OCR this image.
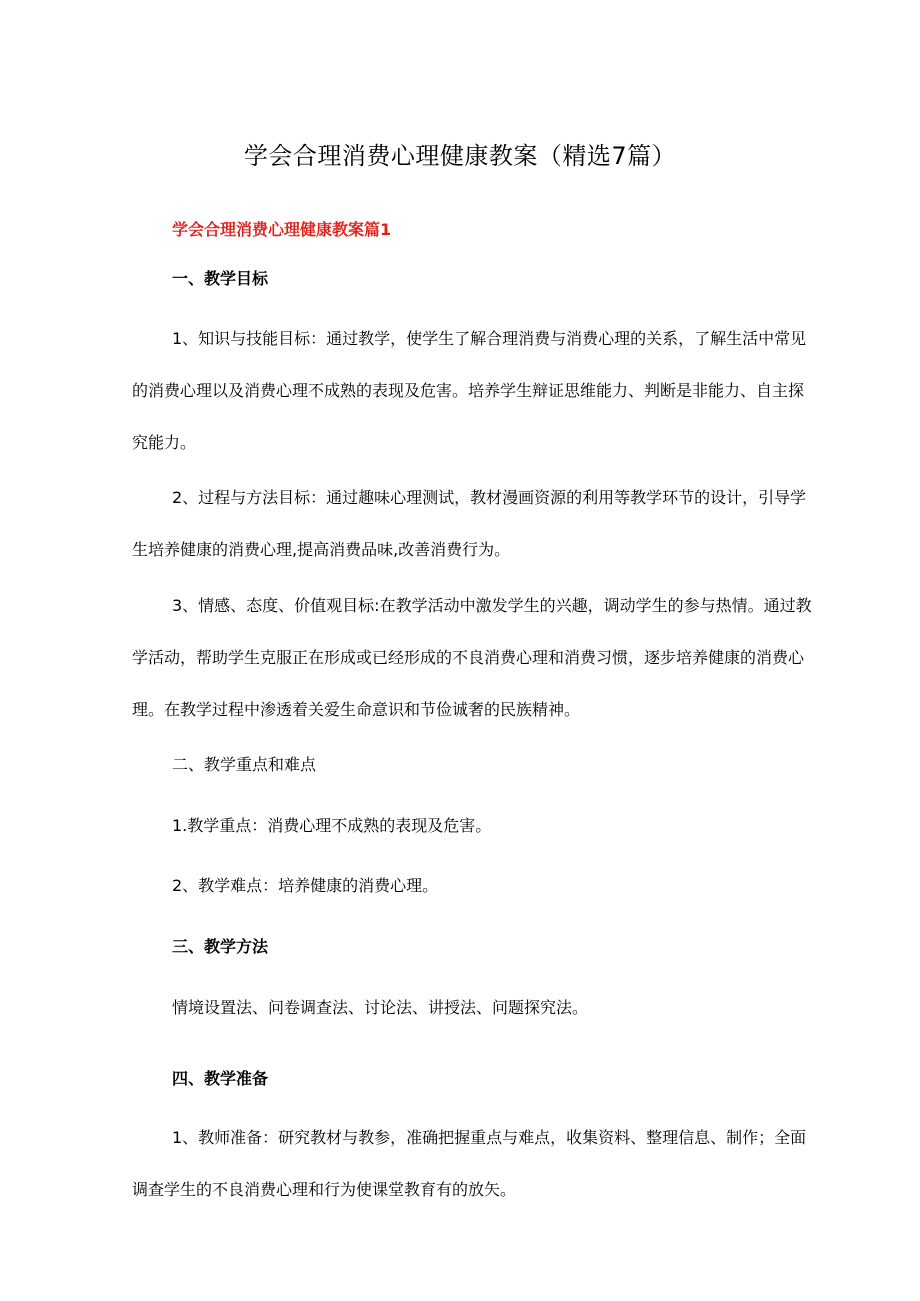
学会合理消费心理健康教案（精选7篇）
学会合理消费心理健康教案篇1
一、教学目标

1、知识与技能目标：通过教学，使学生了解合理消费与消费心理的关系，了解生活中常见的消费心理以及消费心理不成熟的表现及危害。培养学生辩证思维能力、判断是非能力、自主探究能力。

2、过程与方法目标：通过趣味心理测试，教材漫画资源的利用等教学环节的设计，引导学生培养健康的消费心理,提高消费品味,改善消费行为。

3、情感、态度、价值观目标:在教学活动中激发学生的兴趣，调动学生的参与热情。通过教学活动，帮助学生克服正在形成或已经形成的不良消费心理和消费习惯，逐步培养健康的消费心理。在教学过程中渗透着关爱生命意识和节俭诚奢的民族精神。

二、教学重点和难点

1.教学重点：消费心理不成熟的表现及危害。

2、教学难点：培养健康的消费心理。

三、教学方法

情境设置法、问卷调查法、讨论法、讲授法、问题探究法。

四、教学准备

1、教师准备：研究教材与教参，准确把握重点与难点，收集资料、整理信息、制作；全面调查学生的不良消费心理和行为使课堂教育有的放矢。
